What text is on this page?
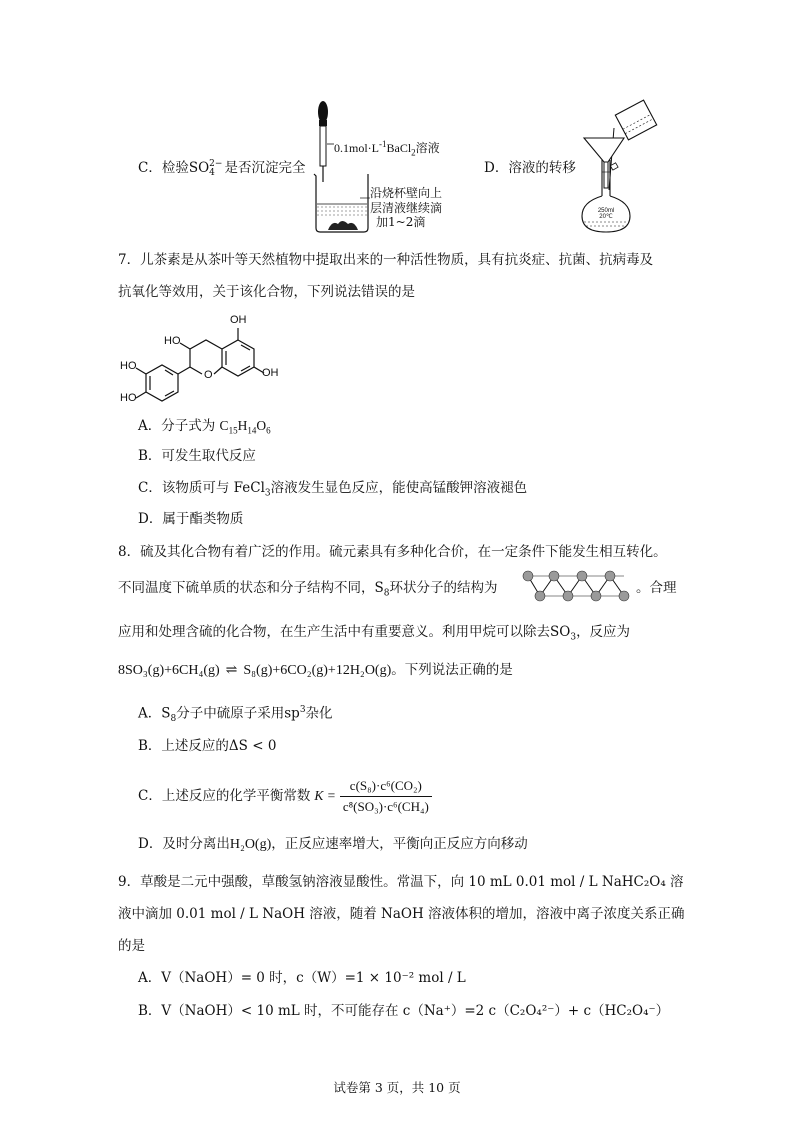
C．检验SO 2−
4 是否沉淀完全
$0.1mol\cdot L^{-1}BaCl_2$溶液
沿烧杯壁向上
层清液继续滴
加1~2滴
D．溶液的转移
250ml
20℃
7．儿茶素是从茶叶等天然植物中提取出来的一种活性物质，具有抗炎症、抗菌、抗病毒及
抗氧化等效用，关于该化合物，下列说法错误的是
HO
OH
OH
O
HO
HO
A．分子式为 $C_{15}H_{14}O_6$
B．可发生取代反应
C．该物质可与 FeCl$_3$溶液发生显色反应，能使高锰酸钾溶液褪色
D．属于酯类物质
8．硫及其化合物有着广泛的作用。硫元素具有多种化合价，在一定条件下能发生相互转化。
不同温度下硫单质的状态和分子结构不同，$S_8$环状分子的结构为	。合理
应用和处理含硫的化合物，在生产生活中有重要意义。利用甲烷可以除去$SO_3$，反应为
8SO₃(g)+6CH₄(g) ⇌ S₈(g)+6CO₂(g)+12H₂O(g)。下列说法正确的是
A．$S_8$分子中硫原子采用$sp^3$杂化
B．上述反应的ΔS < 0
C．上述反应的化学平衡常数 $K = \frac{\text{c(S₈)·c⁶(CO₂)}}{\text{c⁸(SO₃)·c⁶(CH₄)}}$
D．及时分离出H₂O(g)，正反应速率增大，平衡向正反应方向移动
9．草酸是二元中强酸，草酸氢钠溶液显酸性。常温下，向 10 mL 0.01 mol / L NaHC₂O₄ 溶
液中滴加 0.01 mol / L NaOH 溶液，随着 NaOH 溶液体积的增加，溶液中离子浓度关系正确
的是
A．V（NaOH）= 0 时，c（W）=1 × 10⁻² mol / L
B．V（NaOH）< 10 mL 时，不可能存在 c（Na⁺）=2 c（C₂O₄²⁻）+ c（HC₂O₄⁻）
试卷第 3 页，共 10 页
